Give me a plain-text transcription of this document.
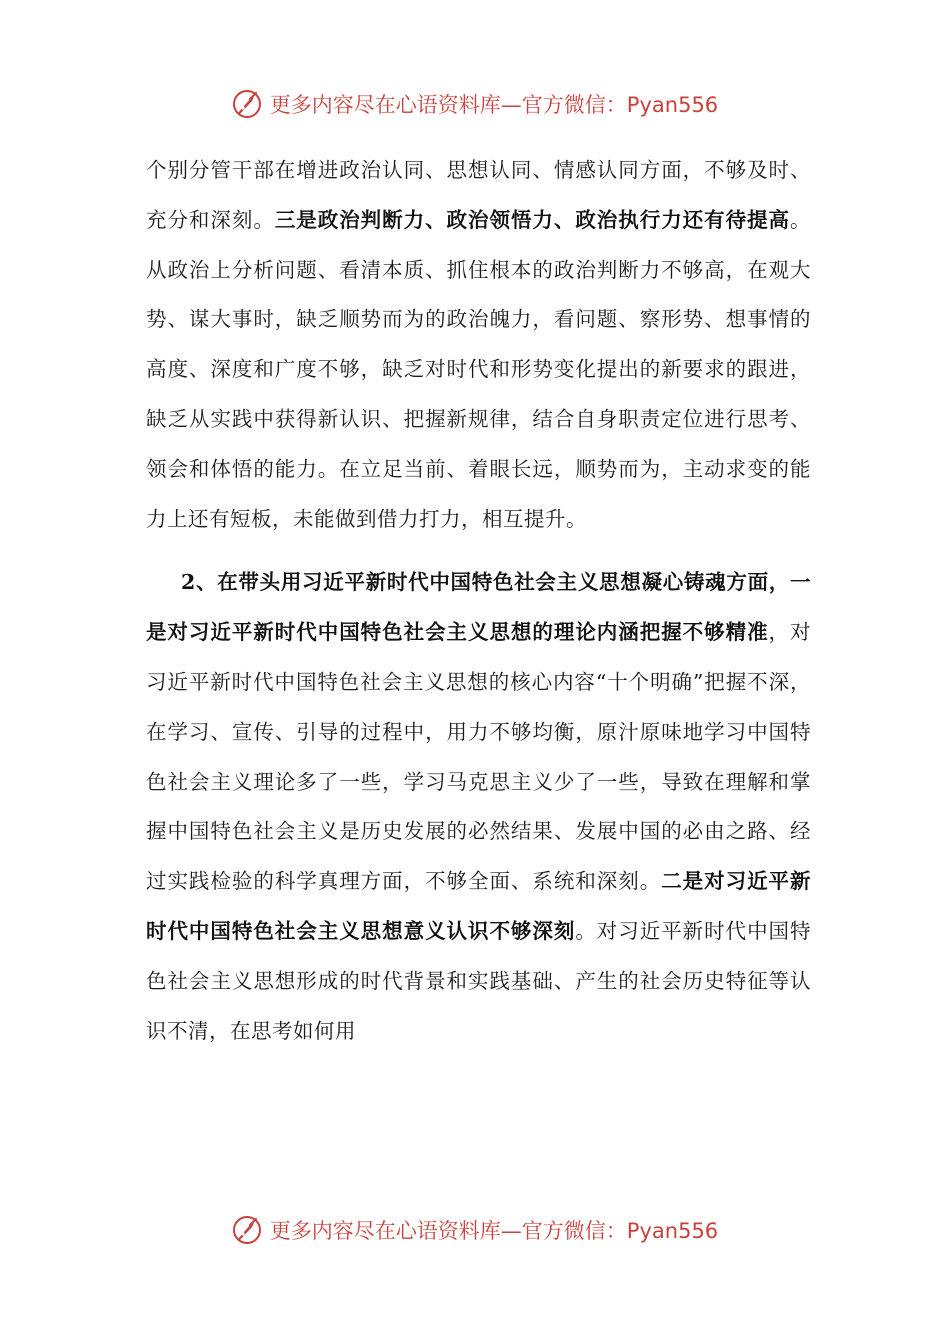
更多内容尽在心语资料库—官方微信：Pyan556

个别分管干部在增进政治认同、思想认同、情感认同方面，不够及时、充分和深刻。三是政治判断力、政治领悟力、政治执行力还有待提高。从政治上分析问题、看清本质、抓住根本的政治判断力不够高，在观大势、谋大事时，缺乏顺势而为的政治魄力，看问题、察形势、想事情的高度、深度和广度不够，缺乏对时代和形势变化提出的新要求的跟进，缺乏从实践中获得新认识、把握新规律，结合自身职责定位进行思考、领会和体悟的能力。在立足当前、着眼长远，顺势而为，主动求变的能力上还有短板，未能做到借力打力，相互提升。

2、在带头用习近平新时代中国特色社会主义思想凝心铸魂方面，一是对习近平新时代中国特色社会主义思想的理论内涵把握不够精准，对习近平新时代中国特色社会主义思想的核心内容“十个明确”把握不深，在学习、宣传、引导的过程中，用力不够均衡，原汁原味地学习中国特色社会主义理论多了一些，学习马克思主义少了一些，导致在理解和掌握中国特色社会主义是历史发展的必然结果、发展中国的必由之路、经过实践检验的科学真理方面，不够全面、系统和深刻。二是对习近平新时代中国特色社会主义思想意义认识不够深刻。对习近平新时代中国特色社会主义思想形成的时代背景和实践基础、产生的社会历史特征等认识不清，在思考如何用

更多内容尽在心语资料库—官方微信：Pyan556
